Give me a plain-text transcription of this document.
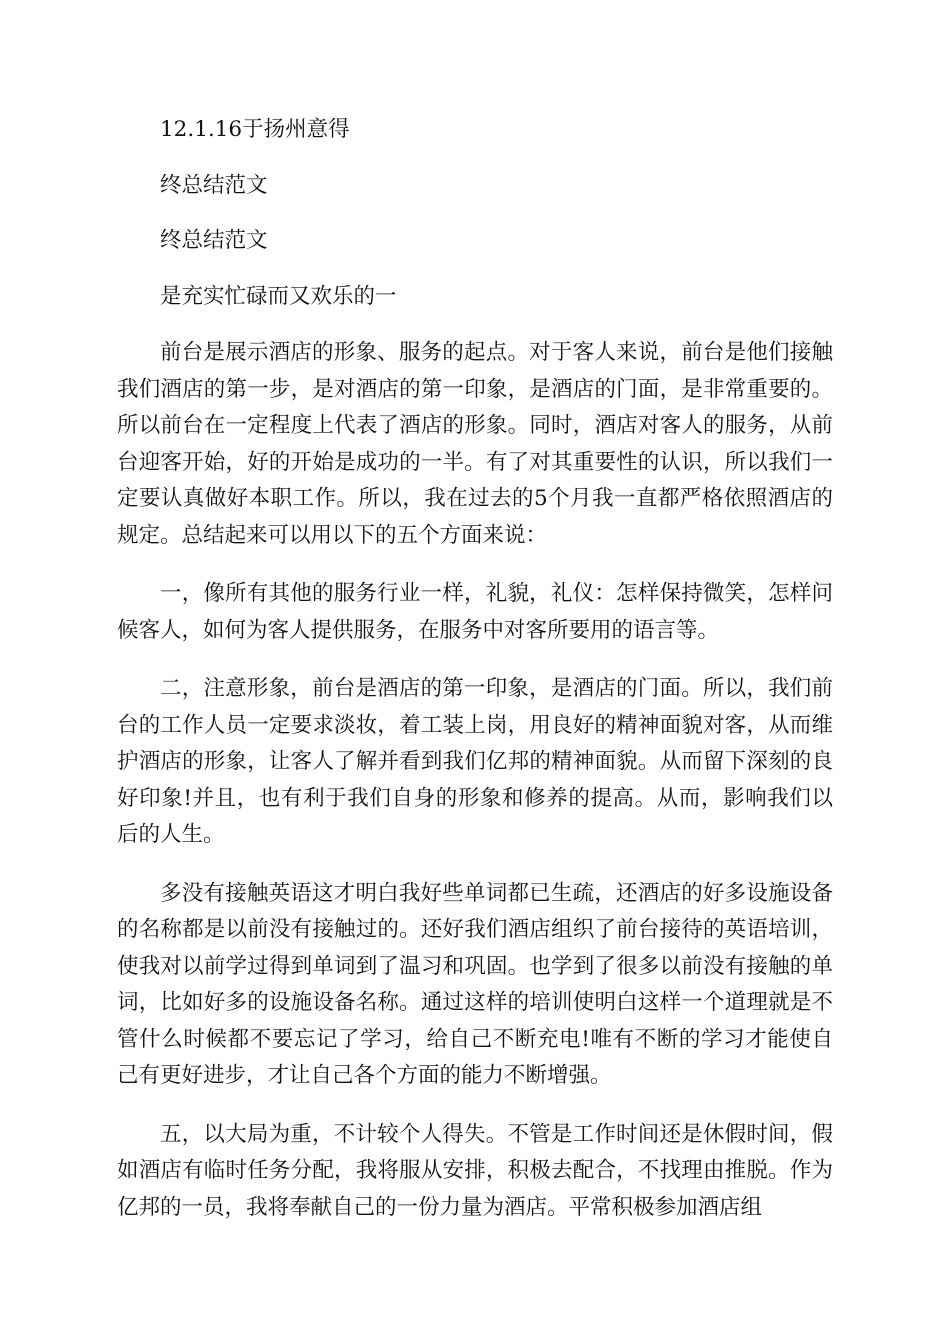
12.1.16于扬州意得

终总结范文

终总结范文

是充实忙碌而又欢乐的一

前台是展示酒店的形象、服务的起点。对于客人来说，前台是他们接触我们酒店的第一步，是对酒店的第一印象，是酒店的门面，是非常重要的。所以前台在一定程度上代表了酒店的形象。同时，酒店对客人的服务，从前台迎客开始，好的开始是成功的一半。有了对其重要性的认识，所以我们一定要认真做好本职工作。所以，我在过去的5个月我一直都严格依照酒店的规定。总结起来可以用以下的五个方面来说：

一，像所有其他的服务行业一样，礼貌，礼仪：怎样保持微笑，怎样问候客人，如何为客人提供服务，在服务中对客所要用的语言等。

二，注意形象，前台是酒店的第一印象，是酒店的门面。所以，我们前台的工作人员一定要求淡妆，着工装上岗，用良好的精神面貌对客，从而维护酒店的形象，让客人了解并看到我们亿邦的精神面貌。从而留下深刻的良好印象!并且，也有利于我们自身的形象和修养的提高。从而，影响我们以后的人生。

多没有接触英语这才明白我好些单词都已生疏，还酒店的好多设施设备的名称都是以前没有接触过的。还好我们酒店组织了前台接待的英语培训，使我对以前学过得到单词到了温习和巩固。也学到了很多以前没有接触的单词，比如好多的设施设备名称。通过这样的培训使明白这样一个道理就是不管什么时候都不要忘记了学习，给自己不断充电!唯有不断的学习才能使自己有更好进步，才让自己各个方面的能力不断增强。

五，以大局为重，不计较个人得失。不管是工作时间还是休假时间，假如酒店有临时任务分配，我将服从安排，积极去配合，不找理由推脱。作为亿邦的一员，我将奉献自己的一份力量为酒店。平常积极参加酒店组
